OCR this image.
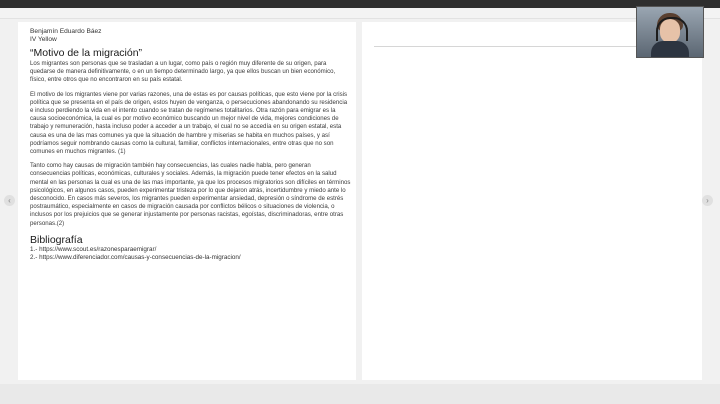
Benjamín Eduardo Báez
IV Yellow
“Motivo de la migración”

Los migrantes son personas que se trasladan a un lugar, como país o región muy diferente de su origen, para quedarse de manera definitivamente, o en un tiempo determinado largo, ya que ellos buscan un bien económico, físico, entre otros que no encontraron en su país estatal.

El motivo de los migrantes viene por varias razones, una de estas es por causas políticas, que esto viene por la crisis política que se presenta en el país de origen, estos huyen de venganza, o persecuciones abandonando su residencia e incluso perdiendo la vida en el intento cuando se tratan de regímenes totalitarios. Otra razón para emigrar es la causa socioeconómica, la cual es por motivo económico buscando un mejor nivel de vida, mejores condiciones de trabajo y remuneración, hasta incluso poder a acceder a un trabajo, el cual no se accedía en su origen estatal, esta causa es una de las mas comunes ya que la situación de hambre y miserias se habita en muchos países, y así podríamos seguir nombrando causas como la cultural, familiar, conflictos internacionales, entre otras que no son comunes en muchos migrantes. (1)

Tanto como hay causas de migración también hay consecuencias, las cuales nadie habla, pero generan consecuencias políticas, económicas, culturales y sociales. Además, la migración puede tener efectos en la salud mental en las personas la cual es una de las mas importante, ya que los procesos migratorios son difíciles en términos psicológicos, en algunos casos, pueden experimentar tristeza por lo que dejaron atrás, incertidumbre y miedo ante lo desconocido. En casos más severos, los migrantes pueden experimentar ansiedad, depresión o síndrome de estrés postraumático, especialmente en casos de migración causada por conflictos bélicos o situaciones de violencia, o inclusos por los prejuicios que se generar injustamente por personas racistas, egoístas, discriminadoras, entre otras personas.(2)

Bibliografía
1.- https://www.scout.es/razonesparaemigrar/
2.- https://www.diferenciador.com/causas-y-consecuencias-de-la-migracion/
‹	›
